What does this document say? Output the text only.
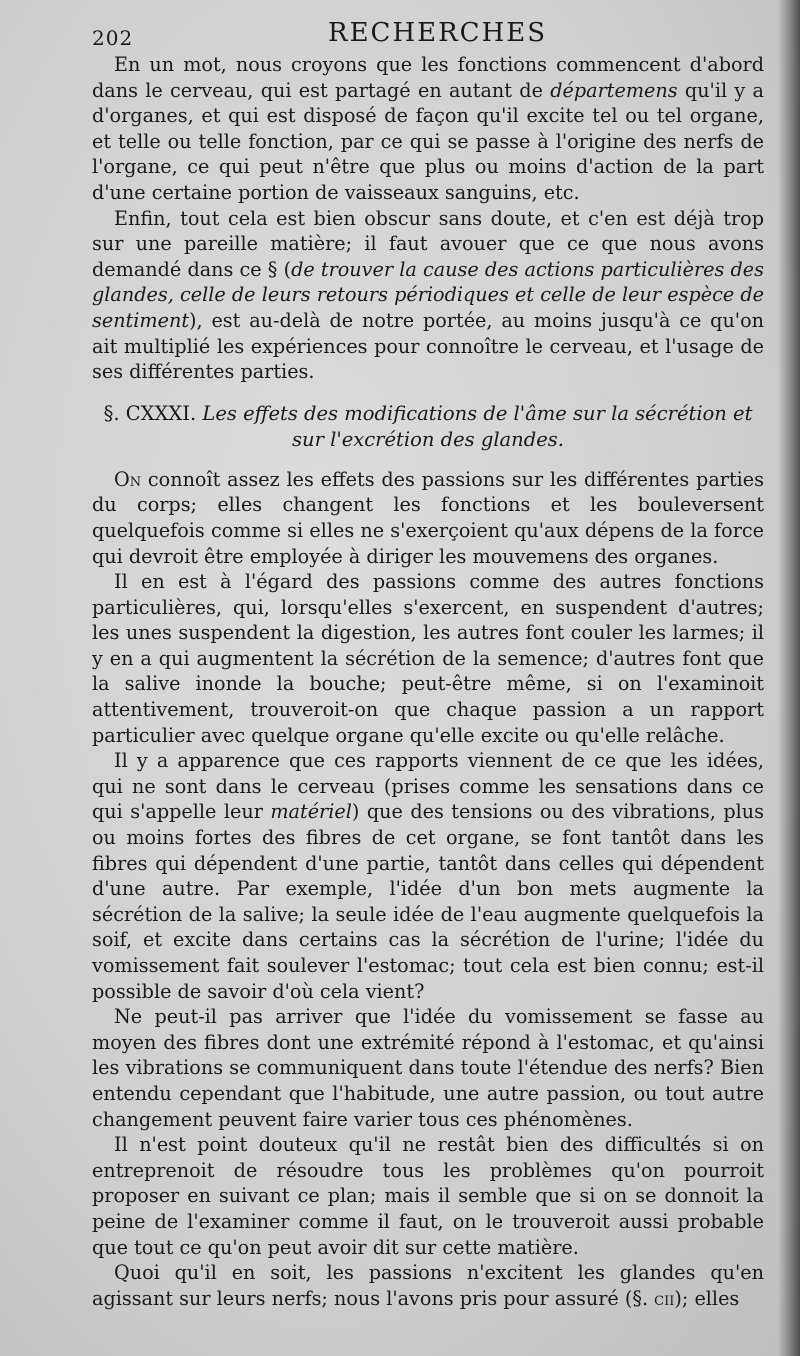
202	RECHERCHES

En un mot, nous croyons que les fonctions commencent d'abord dans le cerveau, qui est partagé en autant de départemens qu'il y a d'organes, et qui est disposé de façon qu'il excite tel ou tel organe, et telle ou telle fonction, par ce qui se passe à l'origine des nerfs de l'organe, ce qui peut n'être que plus ou moins d'action de la part d'une certaine portion de vaisseaux sanguins, etc.

Enfin, tout cela est bien obscur sans doute, et c'en est déjà trop sur une pareille matière; il faut avouer que ce que nous avons demandé dans ce § (de trouver la cause des actions particulières des glandes, celle de leurs retours périodiques et celle de leur espèce de sentiment), est au-delà de notre portée, au moins jusqu'à ce qu'on ait multiplié les expériences pour connoître le cerveau, et l'usage de ses différentes parties.

§. CXXXI. Les effets des modifications de l'âme sur la sécrétion et sur l'excrétion des glandes.

On connoît assez les effets des passions sur les différentes parties du corps; elles changent les fonctions et les bouleversent quelquefois comme si elles ne s'exerçoient qu'aux dépens de la force qui devroit être employée à diriger les mouvemens des organes.

Il en est à l'égard des passions comme des autres fonctions particulières, qui, lorsqu'elles s'exercent, en suspendent d'autres; les unes suspendent la digestion, les autres font couler les larmes; il y en a qui augmentent la sécrétion de la semence; d'autres font que la salive inonde la bouche; peut-être même, si on l'examinoit attentivement, trouveroit-on que chaque passion a un rapport particulier avec quelque organe qu'elle excite ou qu'elle relâche.

Il y a apparence que ces rapports viennent de ce que les idées, qui ne sont dans le cerveau (prises comme les sensations dans ce qui s'appelle leur matériel) que des tensions ou des vibrations, plus ou moins fortes des fibres de cet organe, se font tantôt dans les fibres qui dépendent d'une partie, tantôt dans celles qui dépendent d'une autre. Par exemple, l'idée d'un bon mets augmente la sécrétion de la salive; la seule idée de l'eau augmente quelquefois la soif, et excite dans certains cas la sécrétion de l'urine; l'idée du vomissement fait soulever l'estomac; tout cela est bien connu; est-il possible de savoir d'où cela vient?

Ne peut-il pas arriver que l'idée du vomissement se fasse au moyen des fibres dont une extrémité répond à l'estomac, et qu'ainsi les vibrations se communiquent dans toute l'étendue des nerfs? Bien entendu cependant que l'habitude, une autre passion, ou tout autre changement peuvent faire varier tous ces phénomènes.

Il n'est point douteux qu'il ne restât bien des difficultés si on entreprenoit de résoudre tous les problèmes qu'on pourroit proposer en suivant ce plan; mais il semble que si on se donnoit la peine de l'examiner comme il faut, on le trouveroit aussi probable que tout ce qu'on peut avoir dit sur cette matière.

Quoi qu'il en soit, les passions n'excitent les glandes qu'en agissant sur leurs nerfs; nous l'avons pris pour assuré (§. cii); elles
